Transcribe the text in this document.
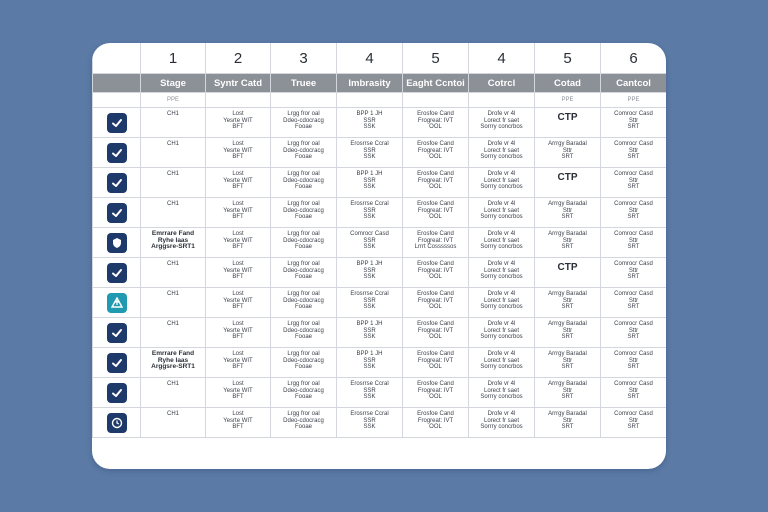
	1	2	3	4	5	4	5	6
	Stage	Syntr Catd	Truee	Imbrasity	Eaght Ccntoi	Cotrcl	Cotad	Cantcol
	PPE						PPE	PPE

CH1	Lost
Yesrte WIT
BFT	Lrgg fror oal
Ddeo-cdocracg
Fooae	BPP 1 JH
SSR
SSK	Erosfoe Cand
Frogreat: IVT
OOL	Drofe vr 4l
Lorect fr saet
Sorrry concrbos	CTP	Comrocr Casd
Sttr
SRT

CH1	Lost
Yesrte WIT
BFT	Lrgg fror oal
Ddeo-cdocracg
Fooae	Erosrrse Ccral
SSR
SSK	Erosfoe Cand
Frogreat: IVT
OOL	Drofe vr 4l
Lorect fr saet
Sorrry concrbos	Arrrgy Baradal
Sttr
SRT	Comrocr Casd
Sttr
SRT

CH1	Lost
Yesrte WIT
BFT	Lrgg fror oal
Ddeo-cdocracg
Fooae	BPP 1 JH
SSR
SSK	Erosfoe Cand
Frogreat: IVT
OOL	Drofe vr 4l
Lorect fr saet
Sorrry concrbos	CTP	Comrocr Casd
Sttr
SRT

CH1	Lost
Yesrte WIT
BFT	Lrgg fror oal
Ddeo-cdocracg
Fooae	Erosrrse Ccral
SSR
SSK	Erosfoe Cand
Frogreat: IVT
OOL	Drofe vr 4l
Lorect fr saet
Sorrry concrbos	Arrrgy Baradal
Sttr
SRT	Comrocr Casd
Sttr
SRT

Emrrare Fand
Ryhe Iaas
Arggsre-SRT1	Lost
Yesrte WIT
BFT	Lrgg fror oal
Ddeo-cdocracg
Fooae	Comrocr Casd
SSR
SSK	Erosfoe Cand
Frogreat: IVT
Lrrrt Cosssssos	Drofe vr 4l
Lorect fr saet
Sorrry concrbos	Arrrgy Baradal
Sttr
SRT	Comrocr Casd
Sttr
SRT

CH1	Lost
Yesrte WIT
BFT	Lrgg fror oal
Ddeo-cdocracg
Fooae	BPP 1 JH
SSR
SSK	Erosfoe Cand
Frogreat: IVT
OOL	Drofe vr 4l
Lorect fr saet
Sorrry concrbos	CTP	Comrocr Casd
Sttr
SRT

CH1	Lost
Yesrte WIT
BFT	Lrgg fror oal
Ddeo-cdocracg
Fooae	Erosrrse Ccral
SSR
SSK	Erosfoe Cand
Frogreat: IVT
OOL	Drofe vr 4l
Lorect fr saet
Sorrry concrbos	Arrrgy Baradal
Sttr
SRT	Comrocr Casd
Sttr
SRT

CH1	Lost
Yesrte WIT
BFT	Lrgg fror oal
Ddeo-cdocracg
Fooae	BPP 1 JH
SSR
SSK	Erosfoe Cand
Frogreat: IVT
OOL	Drofe vr 4l
Lorect fr saet
Sorrry concrbos	Arrrgy Baradal
Sttr
SRT	Comrocr Casd
Sttr
SRT

Emrrare Fand
Ryhe Iaas
Arggsre-SRT1	Lost
Yesrte WIT
BFT	Lrgg fror oal
Ddeo-cdocracg
Fooae	BPP 1 JH
SSR
SSK	Erosfoe Cand
Frogreat: IVT
OOL	Drofe vr 4l
Lorect fr saet
Sorrry concrbos	Arrrgy Baradal
Sttr
SRT	Comrocr Casd
Sttr
SRT

CH1	Lost
Yesrte WIT
BFT	Lrgg fror oal
Ddeo-cdocracg
Fooae	Erosrrse Ccral
SSR
SSK	Erosfoe Cand
Frogreat: IVT
OOL	Drofe vr 4l
Lorect fr saet
Sorrry concrbos	Arrrgy Baradal
Sttr
SRT	Comrocr Casd
Sttr
SRT

CH1	Lost
Yesrte WIT
BFT	Lrgg fror oal
Ddeo-cdocracg
Fooae	Erosrrse Ccral
SSR
SSK	Erosfoe Cand
Frogreat: IVT
OOL	Drofe vr 4l
Lorect fr saet
Sorrry concrbos	Arrrgy Baradal
Sttr
SRT	Comrocr Casd
Sttr
SRT
